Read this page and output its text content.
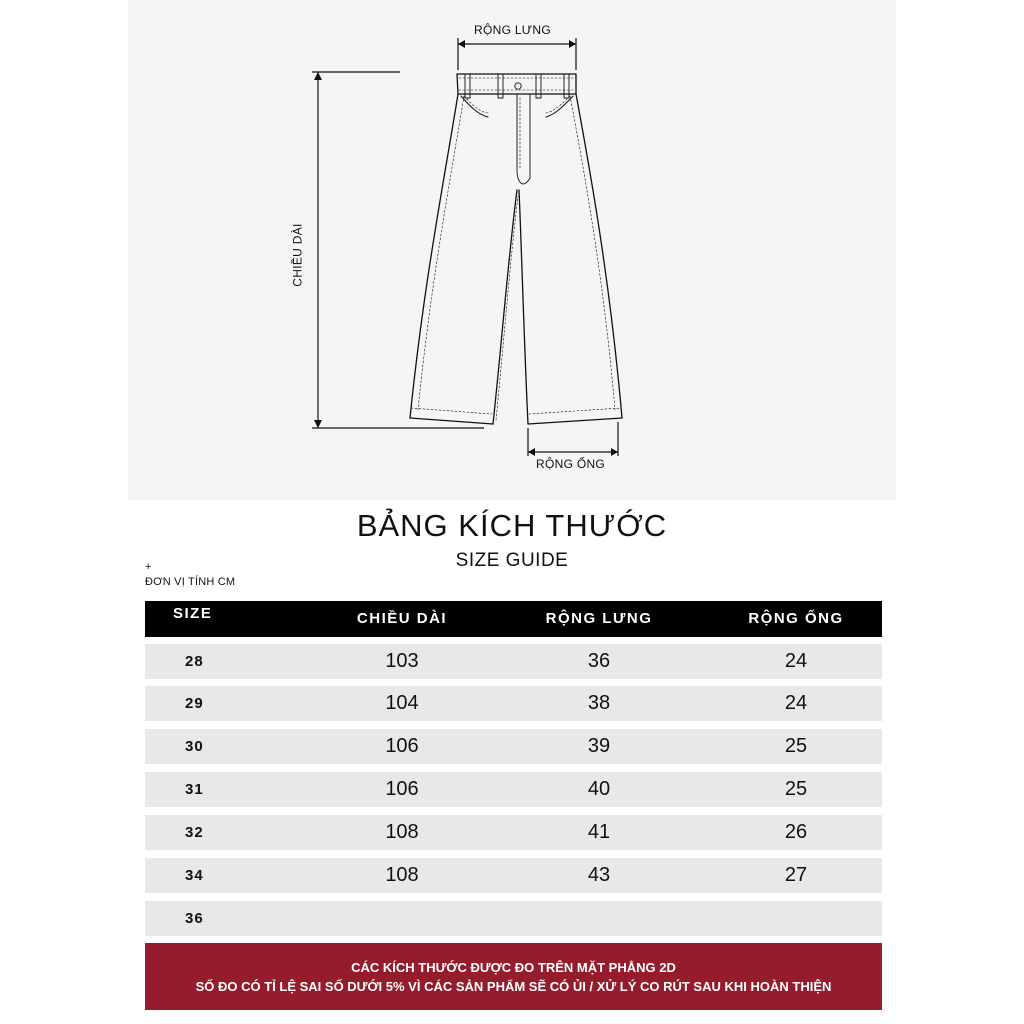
RỘNG LƯNG
CHIỀU DÀI
RỘNG ỐNG
BẢNG KÍCH THƯỚC
SIZE GUIDE
+
ĐƠN VỊ TÍNH CM
SIZE	CHIỀU DÀI	RỘNG LƯNG	RỘNG ỐNG
28	103	36	24
29	104	38	24
30	106	39	25
31	106	40	25
32	108	41	26
34	108	43	27
36
CÁC KÍCH THƯỚC ĐƯỢC ĐO TRÊN MẶT PHẲNG 2D
SỐ ĐO CÓ TỈ LỆ SAI SỐ DƯỚI 5% VÌ CÁC SẢN PHẨM SẼ CÓ ỦI / XỬ LÝ CO RÚT SAU KHI HOÀN THIỆN
